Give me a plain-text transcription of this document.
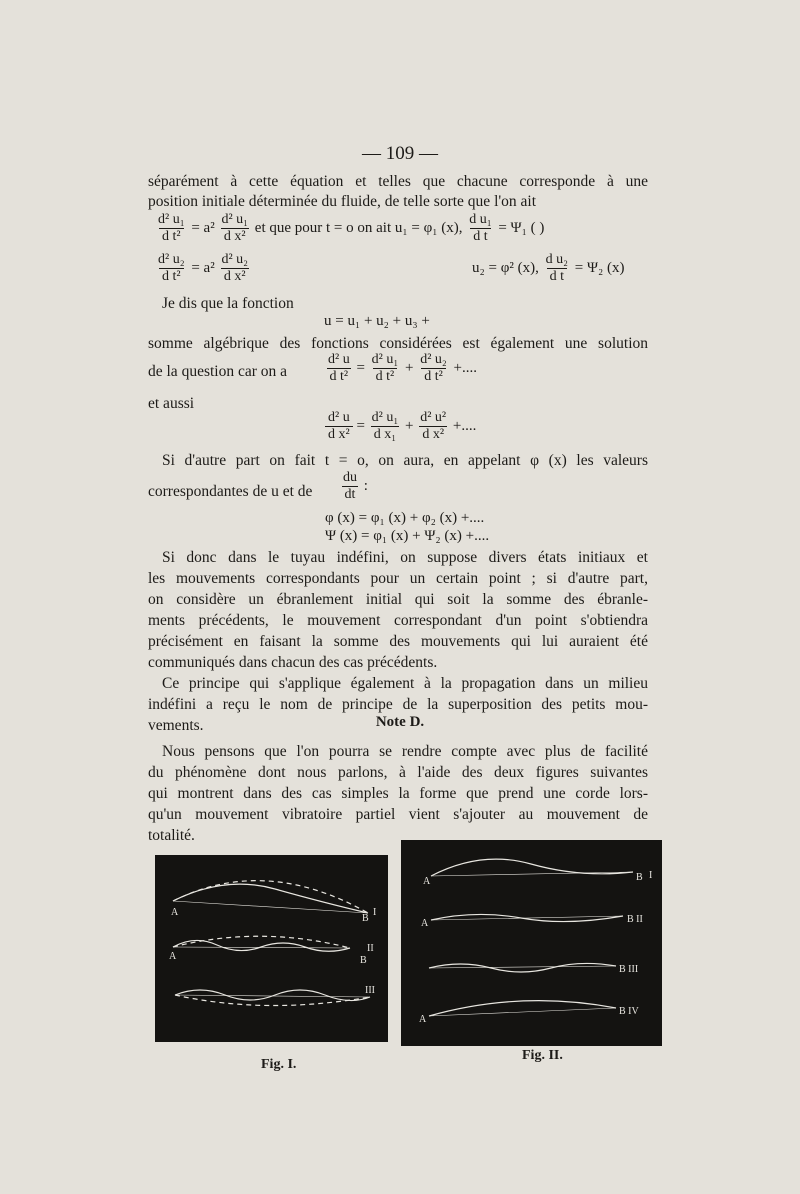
— 109 —
séparément à cette équation et telles que chacune corresponde à une
position initiale déterminée du fluide, de telle sorte que l'on ait
$\frac{\text{d² u₁}}{\text{d t²}} = a^2 \frac{\text{d² u₁}}{\text{d x²}}$ et que pour t = o on ait u₁ = φ₁ (x), $\frac{\text{d u₁}}{\text{d t}} = \Psi_1$ ( )
$\frac{\text{d² u₂}}{\text{d t²}} = a^2 \frac{\text{d² u₂}}{\text{d x²}}$	u₂ = φ² (x), $\frac{\text{d u₂}}{\text{d t}} = \Psi_2$ (x)
Je dis que la fonction
u = u₁ + u₂ + u₃ +
somme algébrique des fonctions considérées est également une solution
de la question car on a	$\frac{\text{d² u}}{\text{d t²}} = \frac{\text{d² u₁}}{\text{d t²}} + \frac{\text{d² u₂}}{\text{d t²}}$ +....
et aussi
$\frac{\text{d² u}}{\text{d x²}} = \frac{\text{d² u₁}}{\text{d x₁}} + \frac{\text{d² u²}}{\text{d x²}}$ +....
Si d'autre part on fait t = o, on aura, en appelant φ (x) les valeurs
correspondantes de u et de	$\frac{du}{dt}$ :
φ (x) = φ₁ (x) + φ₂ (x) +....
Ψ (x) = φ₁ (x) + Ψ₂ (x) +....
Si donc dans le tuyau indéfini, on suppose divers états initiaux et
les mouvements correspondants pour un certain point ; si d'autre part,
on considère un ébranlement initial qui soit la somme des ébranle-
ments précédents, le mouvement correspondant d'un point s'obtiendra
précisément en faisant la somme des mouvements qui lui auraient été
communiqués dans chacun des cas précédents.
Ce principe qui s'applique également à la propagation dans un milieu
indéfini a reçu le nom de principe de la superposition des petits mou-
vements.	Note D.
Nous pensons que l'on pourra se rendre compte avec plus de facilité
du phénomène dont nous parlons, à l'aide des deux figures suivantes
qui montrent dans des cas simples la forme que prend une corde lors-
qu'un mouvement vibratoire partiel vient s'ajouter au mouvement de
totalité.
A
B
I
A	B
II
III
Fig. I.
A	B I
A	B II
B III
A
B IV
Fig. II.
